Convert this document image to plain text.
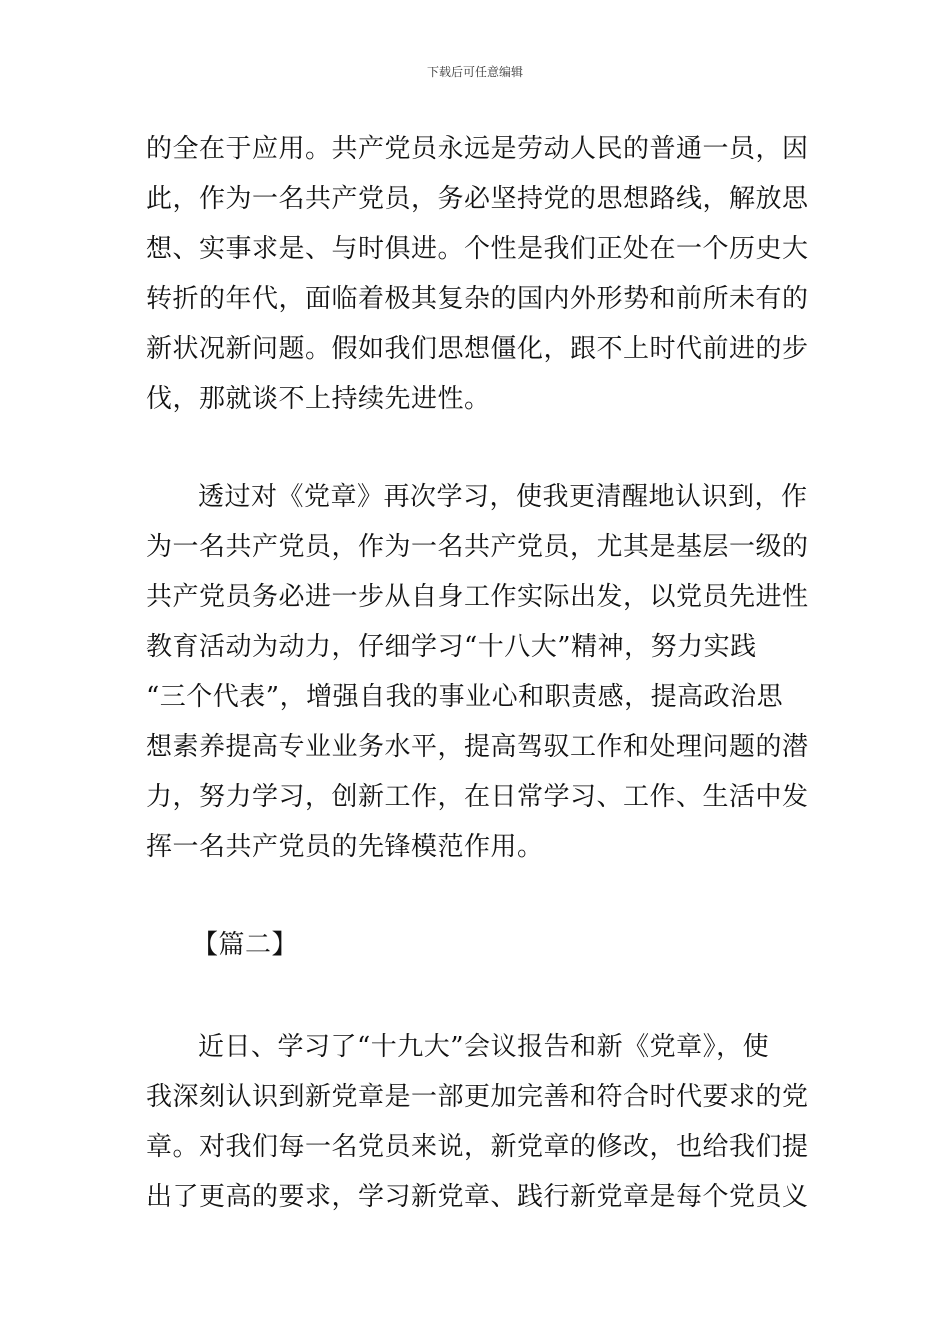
下载后可任意编辑
的全在于应用。共产党员永远是劳动人民的普通一员，因
此，作为一名共产党员，务必坚持党的思想路线，解放思
想、实事求是、与时俱进。个性是我们正处在一个历史大
转折的年代，面临着极其复杂的国内外形势和前所未有的
新状况新问题。假如我们思想僵化，跟不上时代前进的步
伐，那就谈不上持续先进性。
透过对《党章》再次学习，使我更清醒地认识到，作
为一名共产党员，作为一名共产党员，尤其是基层一级的
共产党员务必进一步从自身工作实际出发，以党员先进性
教育活动为动力，仔细学习“十八大”精神，努力实践
“三个代表”，增强自我的事业心和职责感，提高政治思
想素养提高专业业务水平，提高驾驭工作和处理问题的潜
力，努力学习，创新工作，在日常学习、工作、生活中发
挥一名共产党员的先锋模范作用。
【篇二】
近日、学习了“十九大”会议报告和新《党章》，使
我深刻认识到新党章是一部更加完善和符合时代要求的党
章。对我们每一名党员来说，新党章的修改，也给我们提
出了更高的要求，学习新党章、践行新党章是每个党员义
